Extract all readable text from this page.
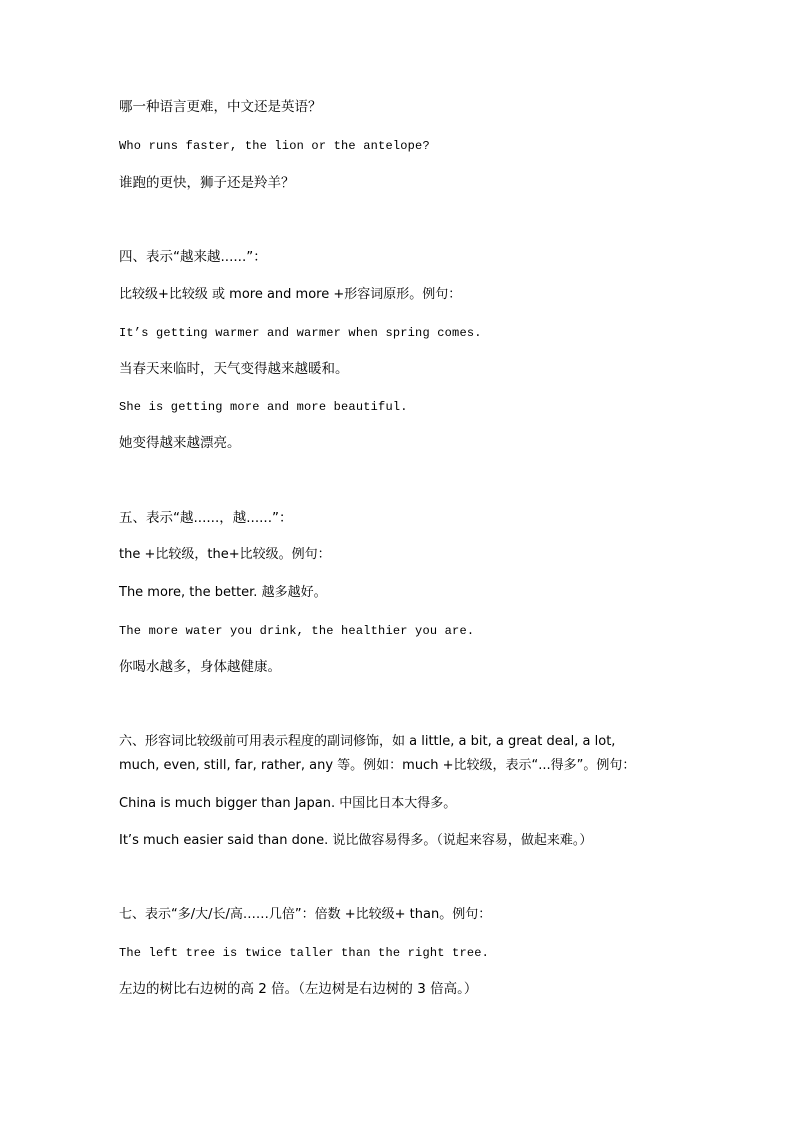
哪一种语言更难，中文还是英语？
Who runs faster, the lion or the antelope?
谁跑的更快，狮子还是羚羊？
四、表示“越来越......”：
比较级+比较级 或 more and more +形容词原形。例句：
It’s getting warmer and warmer when spring comes.
当春天来临时，天气变得越来越暖和。
She is getting more and more beautiful.
她变得越来越漂亮。
五、表示“越......，越......”：
the +比较级，the+比较级。例句：
The more, the better. 越多越好。
The more water you drink, the healthier you are.
你喝水越多，身体越健康。
六、形容词比较级前可用表示程度的副词修饰，如 a little, a bit, a great deal, a lot,
much, even, still, far, rather, any 等。例如：much +比较级，表示“...得多”。例句：
China is much bigger than Japan. 中国比日本大得多。
It’s much easier said than done. 说比做容易得多。（说起来容易，做起来难。）
七、表示“多/大/长/高……几倍”：倍数 +比较级+ than。例句：
The left tree is twice taller than the right tree.
左边的树比右边树的高 2 倍。（左边树是右边树的 3 倍高。）
